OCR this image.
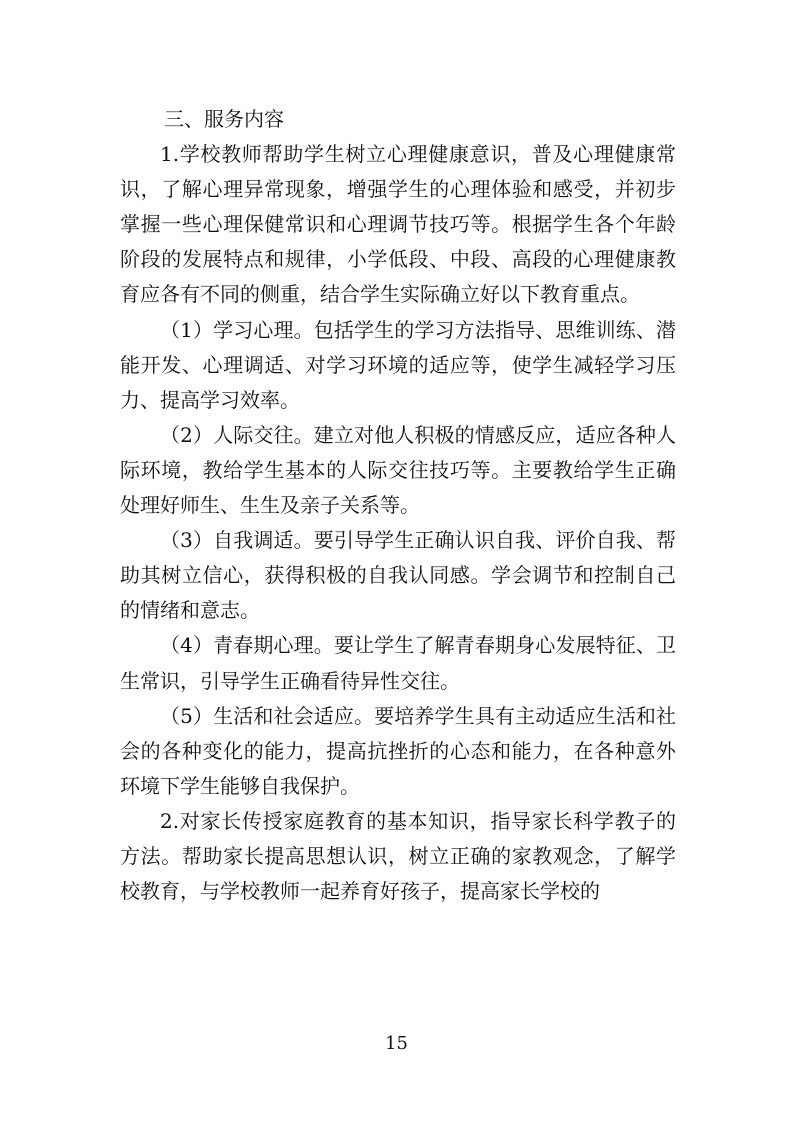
三、服务内容

1.学校教师帮助学生树立心理健康意识，普及心理健康常识，了解心理异常现象，增强学生的心理体验和感受，并初步掌握一些心理保健常识和心理调节技巧等。根据学生各个年龄阶段的发展特点和规律，小学低段、中段、高段的心理健康教育应各有不同的侧重，结合学生实际确立好以下教育重点。

（1）学习心理。包括学生的学习方法指导、思维训练、潜能开发、心理调适、对学习环境的适应等，使学生减轻学习压力、提高学习效率。

（2）人际交往。建立对他人积极的情感反应，适应各种人际环境，教给学生基本的人际交往技巧等。主要教给学生正确处理好师生、生生及亲子关系等。

（3）自我调适。要引导学生正确认识自我、评价自我、帮助其树立信心，获得积极的自我认同感。学会调节和控制自己的情绪和意志。

（4）青春期心理。要让学生了解青春期身心发展特征、卫生常识，引导学生正确看待异性交往。

（5）生活和社会适应。要培养学生具有主动适应生活和社会的各种变化的能力，提高抗挫折的心态和能力，在各种意外环境下学生能够自我保护。

2.对家长传授家庭教育的基本知识，指导家长科学教子的方法。帮助家长提高思想认识，树立正确的家教观念，了解学校教育，与学校教师一起养育好孩子，提高家长学校的

15
